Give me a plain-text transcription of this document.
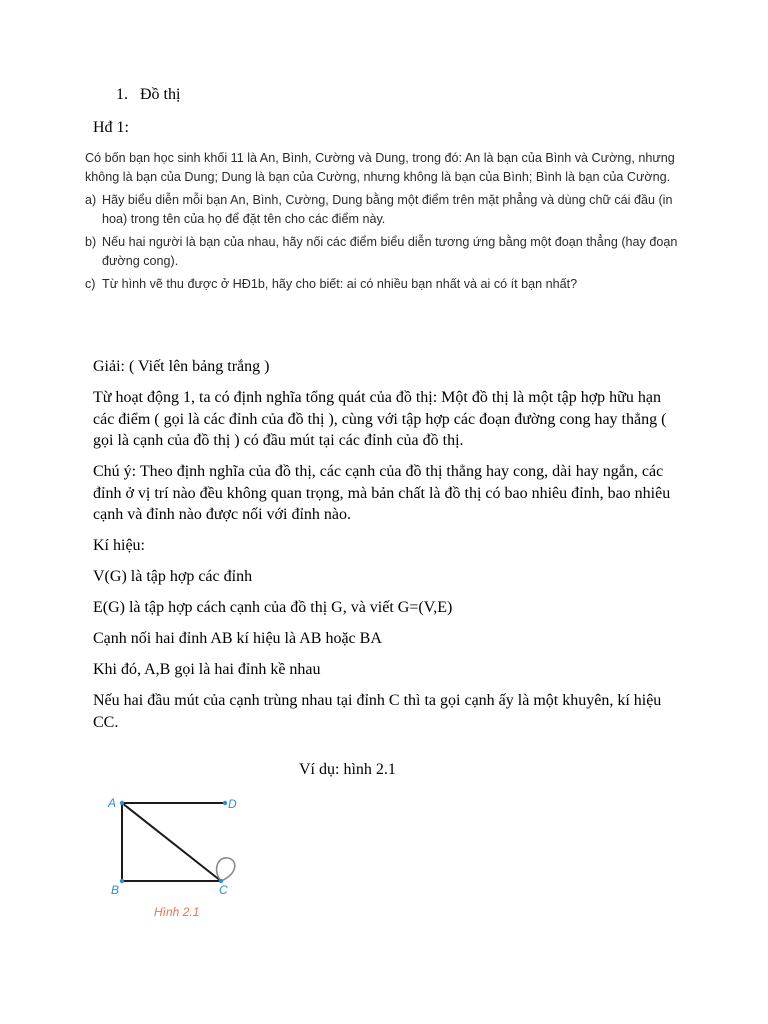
1. Đồ thị
Hđ 1:

Có bốn bạn học sinh khối 11 là An, Bình, Cường và Dung, trong đó: An là bạn của Bình và Cường, nhưng không là bạn của Dung; Dung là bạn của Cường, nhưng không là bạn của Bình; Bình là bạn của Cường.

a) Hãy biểu diễn mỗi bạn An, Bình, Cường, Dung bằng một điểm trên mặt phẳng và dùng chữ cái đầu (in hoa) trong tên của họ để đặt tên cho các điểm này.
b) Nếu hai người là bạn của nhau, hãy nối các điểm biểu diễn tương ứng bằng một đoạn thẳng (hay đoạn đường cong).
c) Từ hình vẽ thu được ở HĐ1b, hãy cho biết: ai có nhiều bạn nhất và ai có ít bạn nhất?

Giải: ( Viết lên bảng trắng )

Từ hoạt động 1, ta có định nghĩa tổng quát của đồ thị: Một đồ thị là một tập hợp hữu hạn các điểm ( gọi là các đỉnh của đồ thị ), cùng với tập hợp các đoạn đường cong hay thẳng ( gọi là cạnh của đồ thị ) có đầu mút tại các đỉnh của đồ thị.

Chú ý: Theo định nghĩa của đồ thị, các cạnh của đồ thị thẳng hay cong, dài hay ngắn, các đỉnh ở vị trí nào đều không quan trọng, mà bản chất là đồ thị có bao nhiêu đỉnh, bao nhiêu cạnh và đỉnh nào được nối với đỉnh nào.

Kí hiệu:

V(G) là tập hợp các đỉnh

E(G) là tập hợp cách cạnh của đồ thị G, và viết G=(V,E)

Cạnh nối hai đỉnh AB kí hiệu là AB hoặc BA

Khi đó, A,B gọi là hai đỉnh kề nhau

Nếu hai đầu mút của cạnh trùng nhau tại đỉnh C thì ta gọi cạnh ấy là một khuyên, kí hiệu CC.

Ví dụ: hình 2.1
A
B	C
D
Hình 2.1
